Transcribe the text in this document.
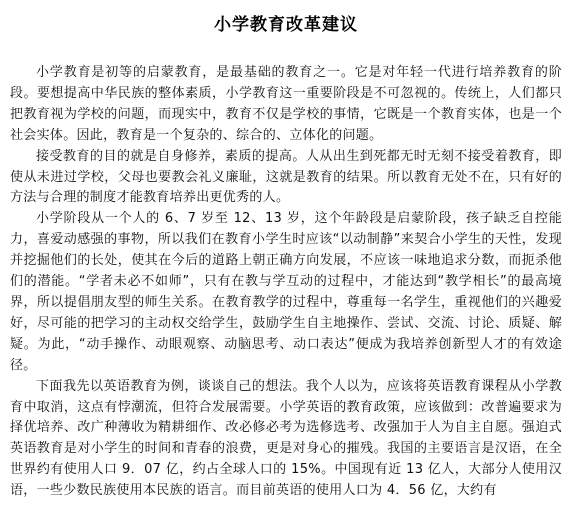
小学教育改革建议

小学教育是初等的启蒙教育，是最基础的教育之一。它是对年轻一代进行培养教育的阶段。要想提高中华民族的整体素质，小学教育这一重要阶段是不可忽视的。传统上，人们都只把教育视为学校的问题，而现实中，教育不仅是学校的事情，它既是一个教育实体，也是一个社会实体。因此，教育是一个复杂的、综合的、立体化的问题。

接受教育的目的就是自身修养，素质的提高。人从出生到死都无时无刻不接受着教育，即使从未进过学校，父母也要教会礼义廉耻，这就是教育的结果。所以教育无处不在，只有好的方法与合理的制度才能教育培养出更优秀的人。

小学阶段从一个人的 6、7 岁至 12、13 岁，这个年龄段是启蒙阶段，孩子缺乏自控能力，喜爱动感强的事物，所以我们在教育小学生时应该“以动制静”来契合小学生的天性，发现并挖掘他们的长处，使其在今后的道路上朝正确方向发展，不应该一味地追求分数，而扼杀他们的潜能。“学者未必不如师”，只有在教与学互动的过程中，才能达到“教学相长”的最高境界，所以提倡朋友型的师生关系。在教育教学的过程中，尊重每一名学生，重视他们的兴趣爱好，尽可能的把学习的主动权交给学生，鼓励学生自主地操作、尝试、交流、讨论、质疑、解疑。为此，“动手操作、动眼观察、动脑思考、动口表达”便成为我培养创新型人才的有效途径。

下面我先以英语教育为例，谈谈自己的想法。我个人以为，应该将英语教育课程从小学教育中取消，这点有悖潮流，但符合发展需要。小学英语的教育政策，应该做到：改普遍要求为择优培养、改广种薄收为精耕细作、改必修必考为选修选考、改强加于人为自主自愿。强迫式英语教育是对小学生的时间和青春的浪费，更是对身心的摧残。我国的主要语言是汉语，在全世界约有使用人口 9．07 亿，约占全球人口的 15%。中国现有近 13 亿人，大部分人使用汉语，一些少数民族使用本民族的语言。而目前英语的使用人口为 4．56 亿，大约有
